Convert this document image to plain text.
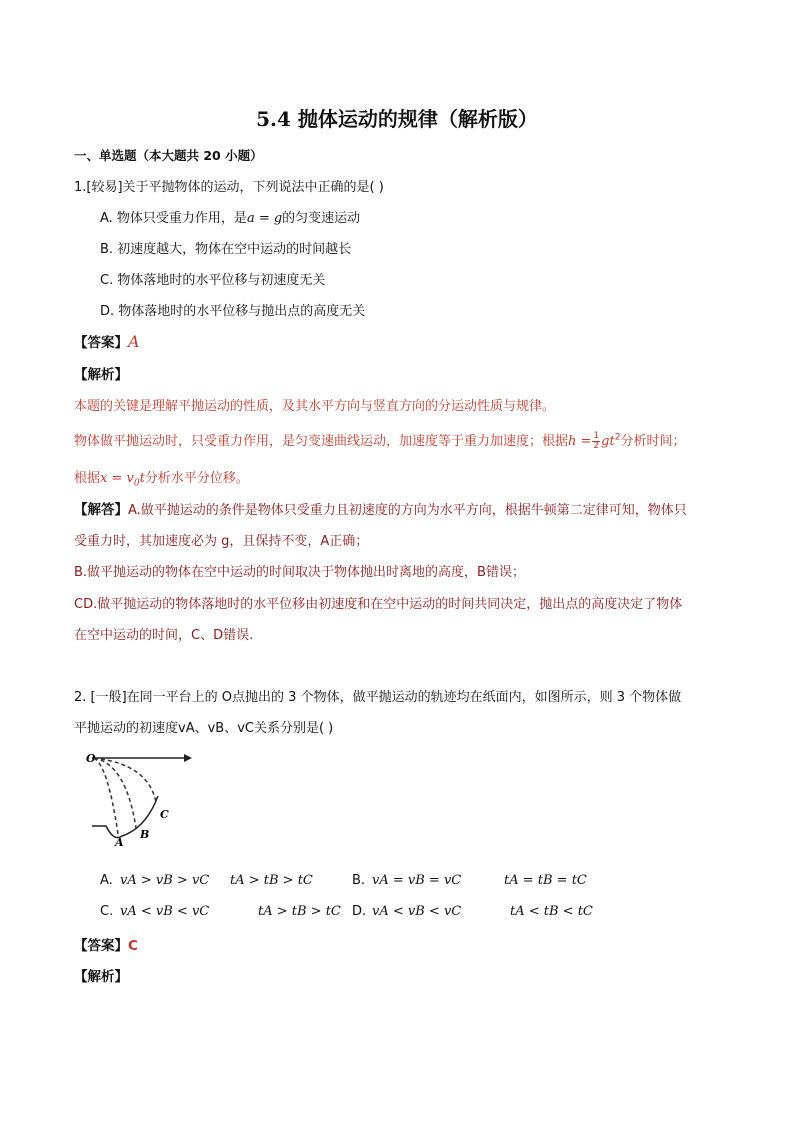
5.4 抛体运动的规律（解析版）
一、单选题（本大题共 20 小题）
1.[较易]关于平抛物体的运动，下列说法中正确的是( )
A. 物体只受重力作用，是a = g的匀变速运动
B. 初速度越大，物体在空中运动的时间越长
C. 物体落地时的水平位移与初速度无关
D. 物体落地时的水平位移与抛出点的高度无关
【答案】A
【解析】
本题的关键是理解平抛运动的性质，及其水平方向与竖直方向的分运动性质与规律。
物体做平抛运动时，只受重力作用，是匀变速曲线运动，加速度等于重力加速度；根据$h = \frac{1}{2} gt^2$分析时间；
根据$x = v_0t$分析水平分位移。
【解答】A.做平抛运动的条件是物体只受重力且初速度的方向为水平方向，根据牛顿第二定律可知，物体只
受重力时，其加速度必为 g，且保持不变，A正确；
B.做平抛运动的物体在空中运动的时间取决于物体抛出时离地的高度，B错误；
CD.做平抛运动的物体落地时的水平位移由初速度和在空中运动的时间共同决定，抛出点的高度决定了物体
在空中运动的时间，C、D错误.
2. [一般]在同一平台上的 O点抛出的 3 个物体，做平抛运动的轨迹均在纸面内，如图所示，则 3 个物体做
平抛运动的初速度vA、vB、vC关系分别是( )
O
A
B
C
A. vA > vB > vC tA > tB > tC	B. vA = vB = vC	tA = tB = tC
C. vA < vB < vC	tA > tB > tC D. vA < vB < vC	tA < tB < tC
【答案】C
【解析】
